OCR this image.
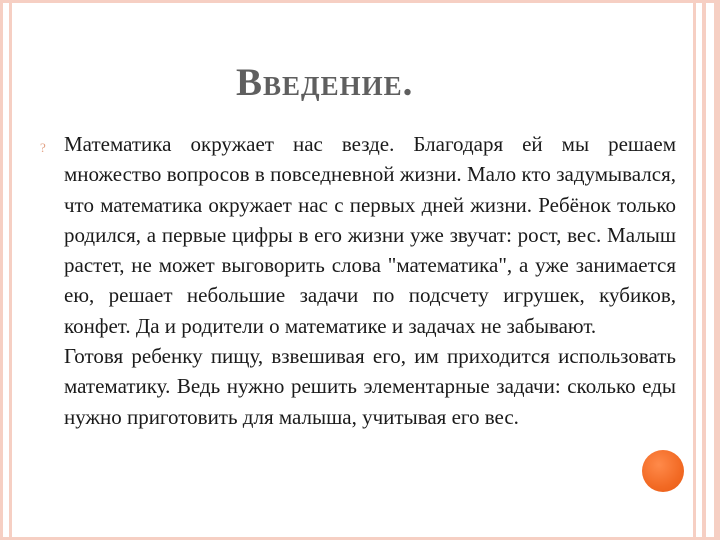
Введение.
? Математика окружает нас везде. Благодаря ей мы решаем множество вопросов в повседневной жизни. Мало кто задумывался, что математика окружает нас с первых дней жизни. Ребёнок только родился, а первые цифры в его жизни уже звучат: рост, вес. Малыш растет, не может выговорить слова "математика", а уже занимается ею, решает небольшие задачи по подсчету игрушек, кубиков, конфет. Да и родители о математике и задачах не забывают.

Готовя ребенку пищу, взвешивая его, им приходится использовать математику. Ведь нужно решить элементарные задачи: сколько еды нужно приготовить для малыша, учитывая его вес.
